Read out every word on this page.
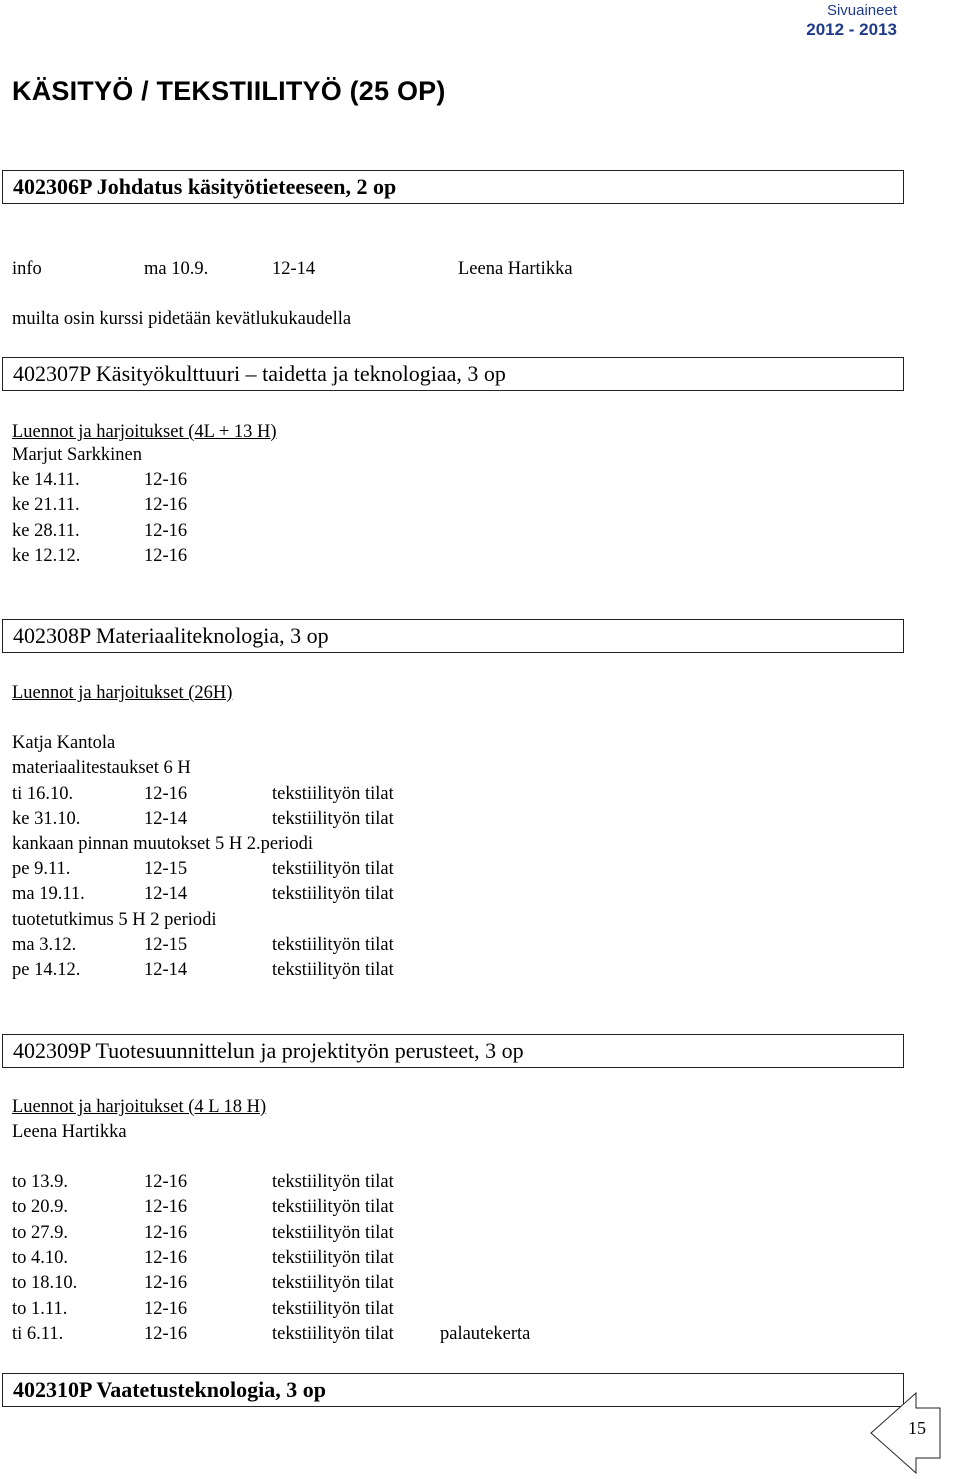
Sivuaineet
2012 - 2013
KÄSITYÖ / TEKSTIILITYÖ (25 OP)
402306P Johdatus käsityötieteeseen, 2 op
info	ma 10.9.	12-14	Leena Hartikka
muilta osin kurssi pidetään kevätlukukaudella
402307P Käsityökulttuuri – taidetta ja teknologiaa, 3 op
Luennot ja harjoitukset (4L + 13 H)
Marjut Sarkkinen
ke 14.11.	12-16
ke 21.11.	12-16
ke 28.11.	12-16
ke 12.12.	12-16
402308P Materiaaliteknologia, 3 op
Luennot ja harjoitukset (26H)
Katja Kantola
materiaalitestaukset 6 H
ti 16.10.	12-16	tekstiilityön tilat
ke 31.10.	12-14	tekstiilityön tilat
kankaan pinnan muutokset 5 H 2.periodi
pe 9.11.	12-15	tekstiilityön tilat
ma 19.11.	12-14	tekstiilityön tilat
tuotetutkimus 5 H 2 periodi
ma 3.12.	12-15	tekstiilityön tilat
pe 14.12.	12-14	tekstiilityön tilat
402309P Tuotesuunnittelun ja projektityön perusteet, 3 op
Luennot ja harjoitukset (4 L 18 H)
Leena Hartikka
to 13.9.	12-16	tekstiilityön tilat
to 20.9.	12-16	tekstiilityön tilat
to 27.9.	12-16	tekstiilityön tilat
to 4.10.	12-16	tekstiilityön tilat
to 18.10.	12-16	tekstiilityön tilat
to 1.11.	12-16	tekstiilityön tilat
ti 6.11.	12-16	tekstiilityön tilat palautekerta
402310P Vaatetusteknologia, 3 op
15
